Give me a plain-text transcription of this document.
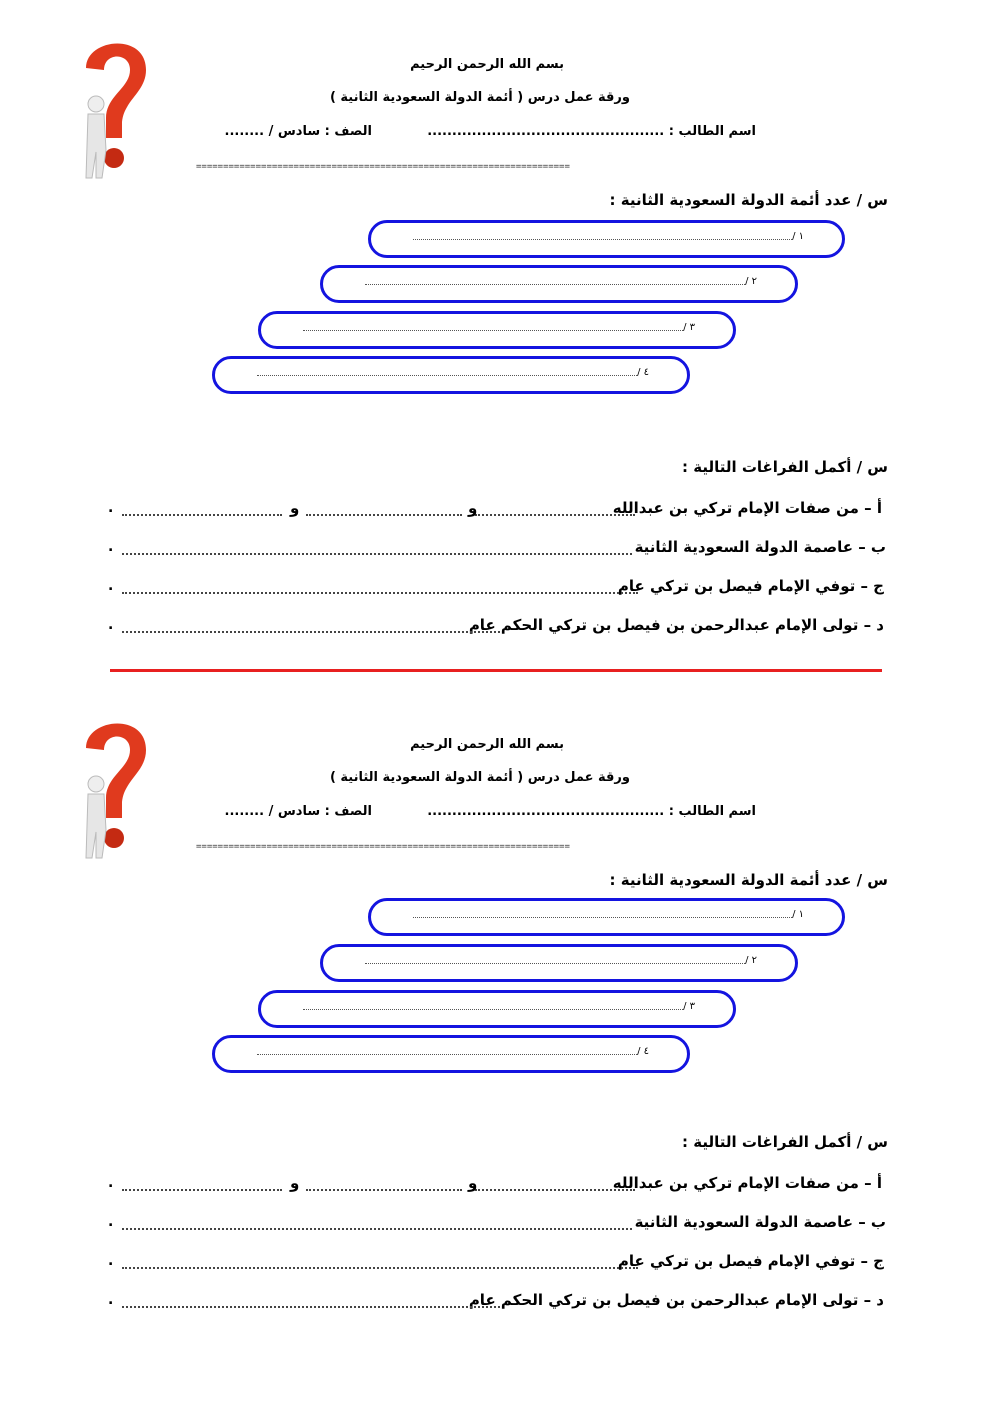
بسم الله الرحمن الرحيم
ورقة عمل درس ( أئمة الدولة السعودية الثانية )
اسم الطالب : ................................................
الصف : سادس / ........
=====================================================================
س / عدد أئمة الدولة السعودية الثانية :
١ /
٢ /
٣ /
٤ /
س / أكمل الفراغات التالية :
أ – من صفات الإمام تركي بن عبدالله
و
و
.
ب – عاصمة الدولة السعودية الثانية
.
ج – توفي الإمام فيصل بن تركي عام
.
د – تولى الإمام عبدالرحمن بن فيصل بن تركي الحكم عام
.
بسم الله الرحمن الرحيم
ورقة عمل درس ( أئمة الدولة السعودية الثانية )
اسم الطالب : ................................................
الصف : سادس / ........
=====================================================================
س / عدد أئمة الدولة السعودية الثانية :
١ /
٢ /
٣ /
٤ /
س / أكمل الفراغات التالية :
أ – من صفات الإمام تركي بن عبدالله
و
و
.
ب – عاصمة الدولة السعودية الثانية
.
ج – توفي الإمام فيصل بن تركي عام
.
د – تولى الإمام عبدالرحمن بن فيصل بن تركي الحكم عام
.
